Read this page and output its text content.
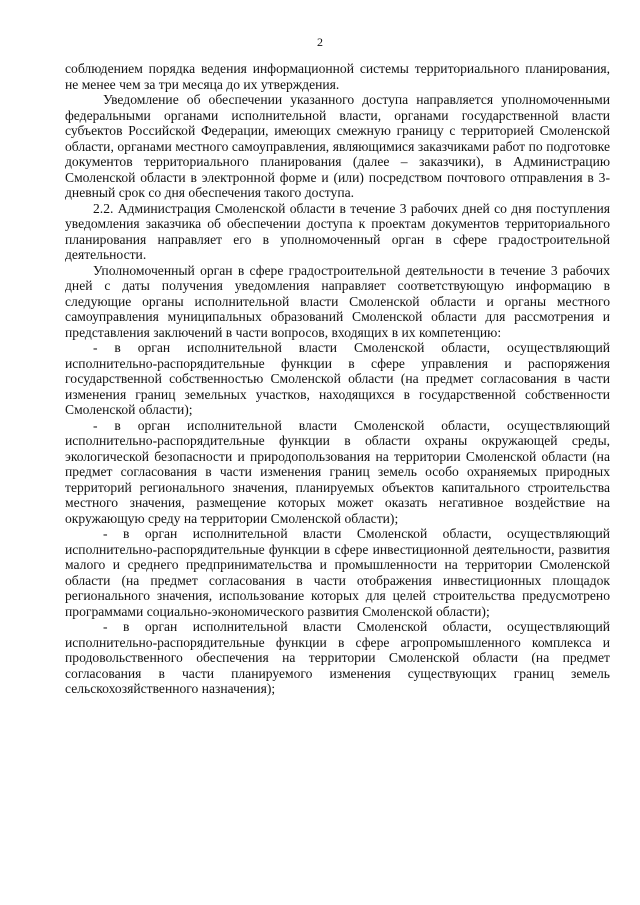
2

соблюдением порядка ведения информационной системы территориального планирования, не менее чем за три месяца до их утверждения.

Уведомление об обеспечении указанного доступа направляется уполномоченными федеральными органами исполнительной власти, органами государственной власти субъектов Российской Федерации, имеющих смежную границу с территорией Смоленской области, органами местного самоуправления, являющимися заказчиками работ по подготовке документов территориального планирования (далее – заказчики), в Администрацию Смоленской области в электронной форме и (или) посредством почтового отправления в 3-дневный срок со дня обеспечения такого доступа.

2.2. Администрация Смоленской области в течение 3 рабочих дней со дня поступления уведомления заказчика об обеспечении доступа к проектам документов территориального планирования направляет его в уполномоченный орган в сфере градостроительной деятельности.

Уполномоченный орган в сфере градостроительной деятельности в течение 3 рабочих дней с даты получения уведомления направляет соответствующую информацию в следующие органы исполнительной власти Смоленской области и органы местного самоуправления муниципальных образований Смоленской области для рассмотрения и представления заключений в части вопросов, входящих в их компетенцию:

- в орган исполнительной власти Смоленской области, осуществляющий исполнительно-распорядительные функции в сфере управления и распоряжения государственной собственностью Смоленской области (на предмет согласования в части изменения границ земельных участков, находящихся в государственной собственности Смоленской области);

- в орган исполнительной власти Смоленской области, осуществляющий исполнительно-распорядительные функции в области охраны окружающей среды, экологической безопасности и природопользования на территории Смоленской области (на предмет согласования в части изменения границ земель особо охраняемых природных территорий регионального значения, планируемых объектов капитального строительства местного значения, размещение которых может оказать негативное воздействие на окружающую среду на территории Смоленской области);

- в орган исполнительной власти Смоленской области, осуществляющий исполнительно-распорядительные функции в сфере инвестиционной деятельности, развития малого и среднего предпринимательства и промышленности на территории Смоленской области (на предмет согласования в части отображения инвестиционных площадок регионального значения, использование которых для целей строительства предусмотрено программами социально-экономического развития Смоленской области);

- в орган исполнительной власти Смоленской области, осуществляющий исполнительно-распорядительные функции в сфере агропромышленного комплекса и продовольственного обеспечения на территории Смоленской области (на предмет согласования в части планируемого изменения существующих границ земель сельскохозяйственного назначения);
